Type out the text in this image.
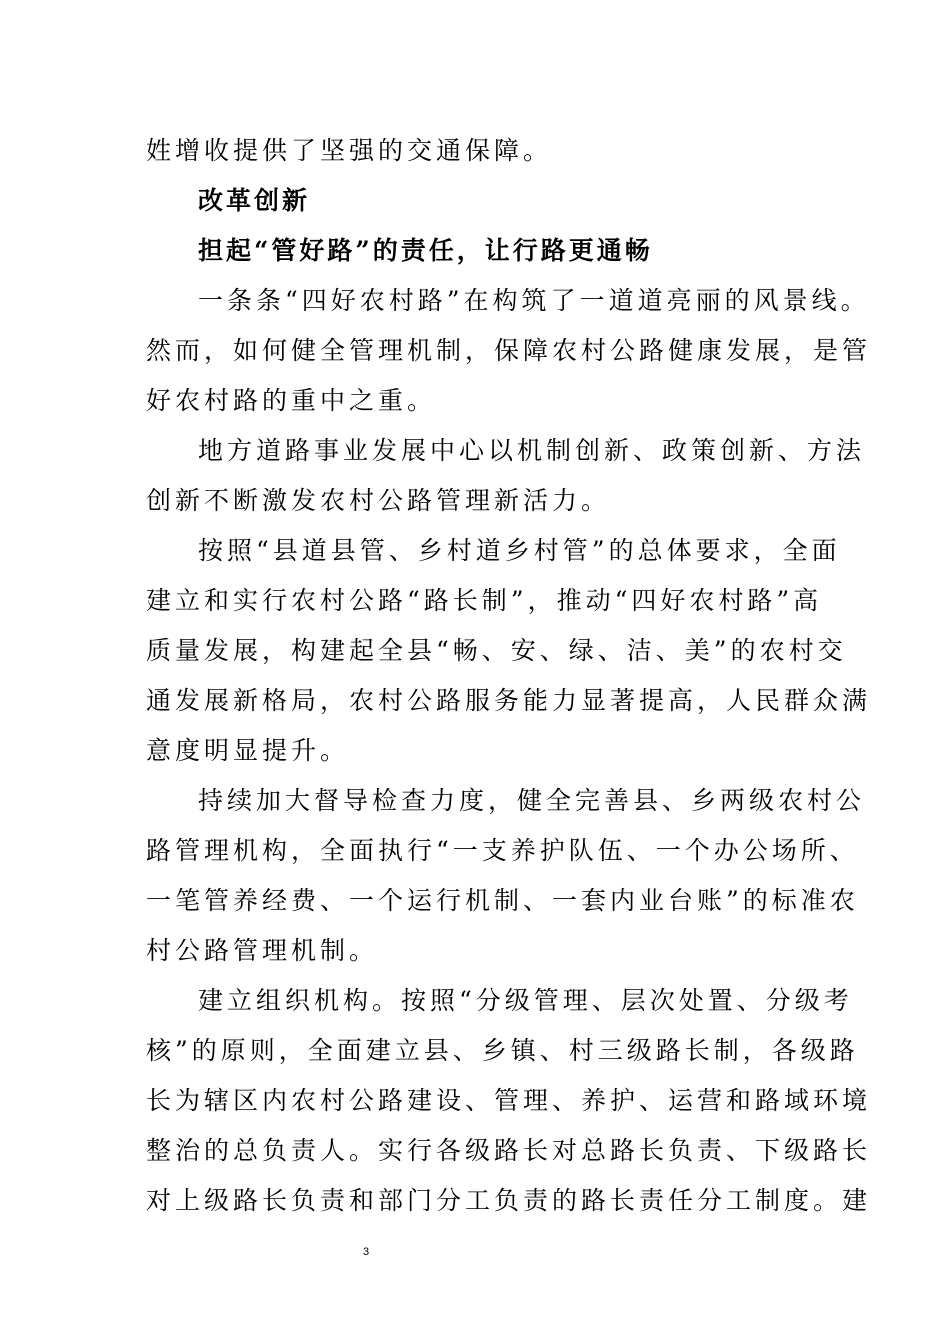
姓增收提供了坚强的交通保障。
改革创新
担起“管好路”的责任，让行路更通畅
一条条“四好农村路”在构筑了一道道亮丽的风景线。
然而，如何健全管理机制，保障农村公路健康发展，是管
好农村路的重中之重。
地方道路事业发展中心以机制创新、政策创新、方法
创新不断激发农村公路管理新活力。
按照“县道县管、乡村道乡村管”的总体要求，全面
建立和实行农村公路“路长制”，推动“四好农村路”高
质量发展，构建起全县“畅、安、绿、洁、美”的农村交
通发展新格局，农村公路服务能力显著提高，人民群众满
意度明显提升。
持续加大督导检查力度，健全完善县、乡两级农村公
路管理机构，全面执行“一支养护队伍、一个办公场所、
一笔管养经费、一个运行机制、一套内业台账”的标准农
村公路管理机制。
建立组织机构。按照“分级管理、层次处置、分级考
核”的原则，全面建立县、乡镇、村三级路长制，各级路
长为辖区内农村公路建设、管理、养护、运营和路域环境
整治的总负责人。实行各级路长对总路长负责、下级路长
对上级路长负责和部门分工负责的路长责任分工制度。建
3
